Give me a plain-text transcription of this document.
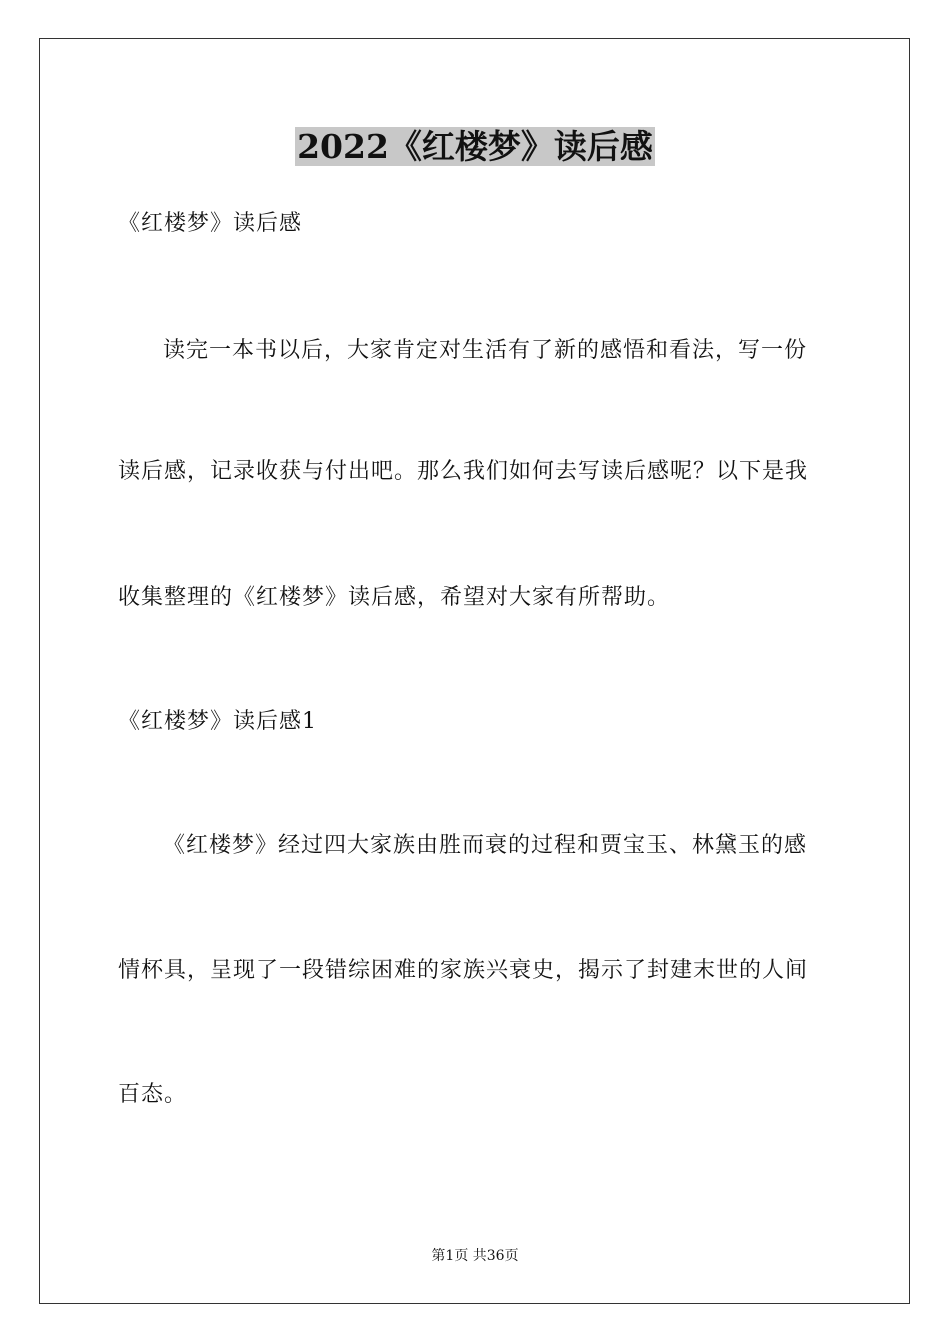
2022《红楼梦》读后感
《红楼梦》读后感
读完一本书以后，大家肯定对生活有了新的感悟和看法，写一份
读后感，记录收获与付出吧。那么我们如何去写读后感呢？以下是我
收集整理的《红楼梦》读后感，希望对大家有所帮助。
《红楼梦》读后感1
《红楼梦》经过四大家族由胜而衰的过程和贾宝玉、林黛玉的感
情杯具，呈现了一段错综困难的家族兴衰史，揭示了封建末世的人间
百态。
第1页 共36页
